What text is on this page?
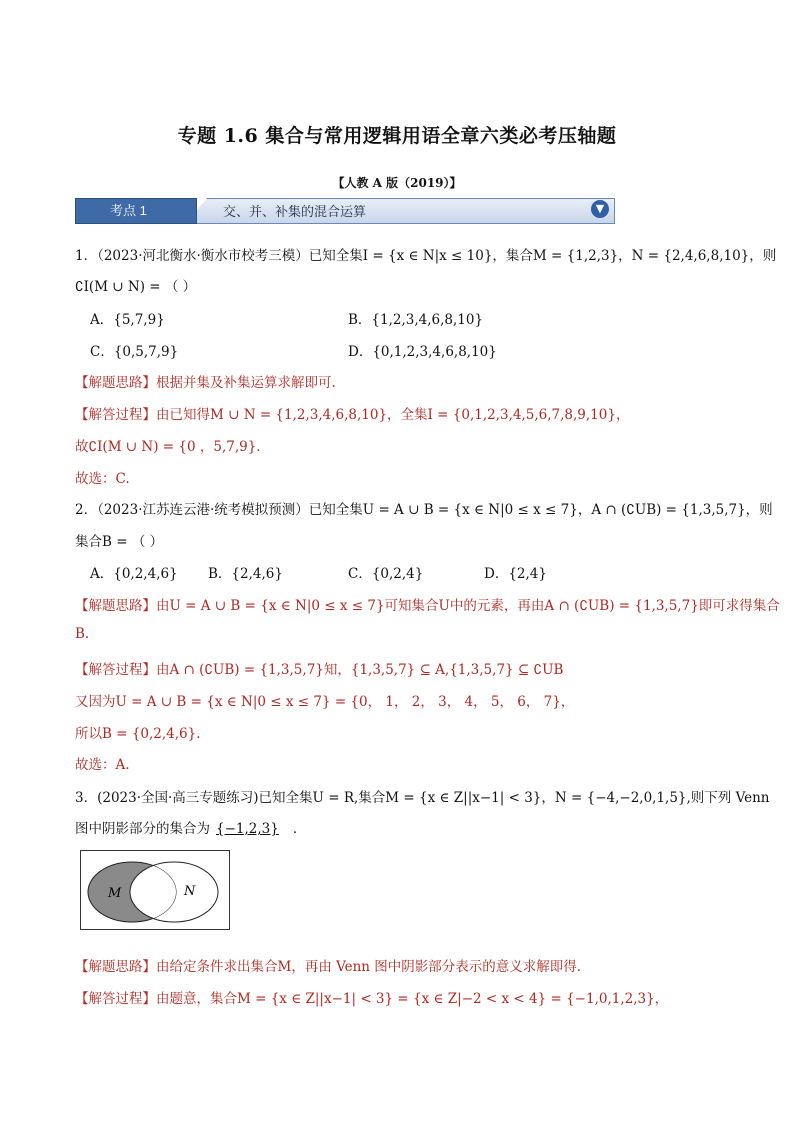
专题 1.6 集合与常用逻辑用语全章六类必考压轴题
【人教 A 版（2019）】
考点 1	交、并、补集的混合运算	▼
1．（2023·河北衡水·衡水市校考三模）已知全集I = {x ∈ N|x ≤ 10}，集合M = {1,2,3}，N = {2,4,6,8,10}，则
∁I(M ∪ N) = （ ）
A．{5,7,9}	B．{1,2,3,4,6,8,10}
C．{0,5,7,9}	D．{0,1,2,3,4,6,8,10}
【解题思路】根据并集及补集运算求解即可.
【解答过程】由已知得M ∪ N = {1,2,3,4,6,8,10}，全集I = {0,1,2,3,4,5,6,7,8,9,10}，
故∁I(M ∪ N) = {0 ，5,7,9}．
故选：C.
2．（2023·江苏连云港·统考模拟预测）已知全集U = A ∪ B = {x ∈ N|0 ≤ x ≤ 7}，A ∩ (∁UB) = {1,3,5,7}，则
集合B = （ ）
A．{0,2,4,6} B．{2,4,6}	C．{0,2,4}	D．{2,4}
【解题思路】由U = A ∪ B = {x ∈ N|0 ≤ x ≤ 7}可知集合U中的元素，再由A ∩ (∁UB) = {1,3,5,7}即可求得集合
B.
【解答过程】由A ∩ (∁UB) = {1,3,5,7}知，{1,3,5,7} ⊆ A,{1,3,5,7} ⊆ ∁UB
又因为U = A ∪ B = {x ∈ N|0 ≤ x ≤ 7} = {0， 1， 2， 3， 4， 5， 6， 7}，
所以B = {0,2,4,6}.
故选：A.
3．(2023·全国·高三专题练习)已知全集U = R,集合M = {x ∈ Z||x−1| < 3}，N = {−4,−2,0,1,5},则下列 Venn
图中阴影部分的集合为 {−1,2,3} ．
M	N
【解题思路】由给定条件求出集合M，再由 Venn 图中阴影部分表示的意义求解即得．
【解答过程】由题意，集合M = {x ∈ Z||x−1| < 3} = {x ∈ Z|−2 < x < 4} = {−1,0,1,2,3}，
